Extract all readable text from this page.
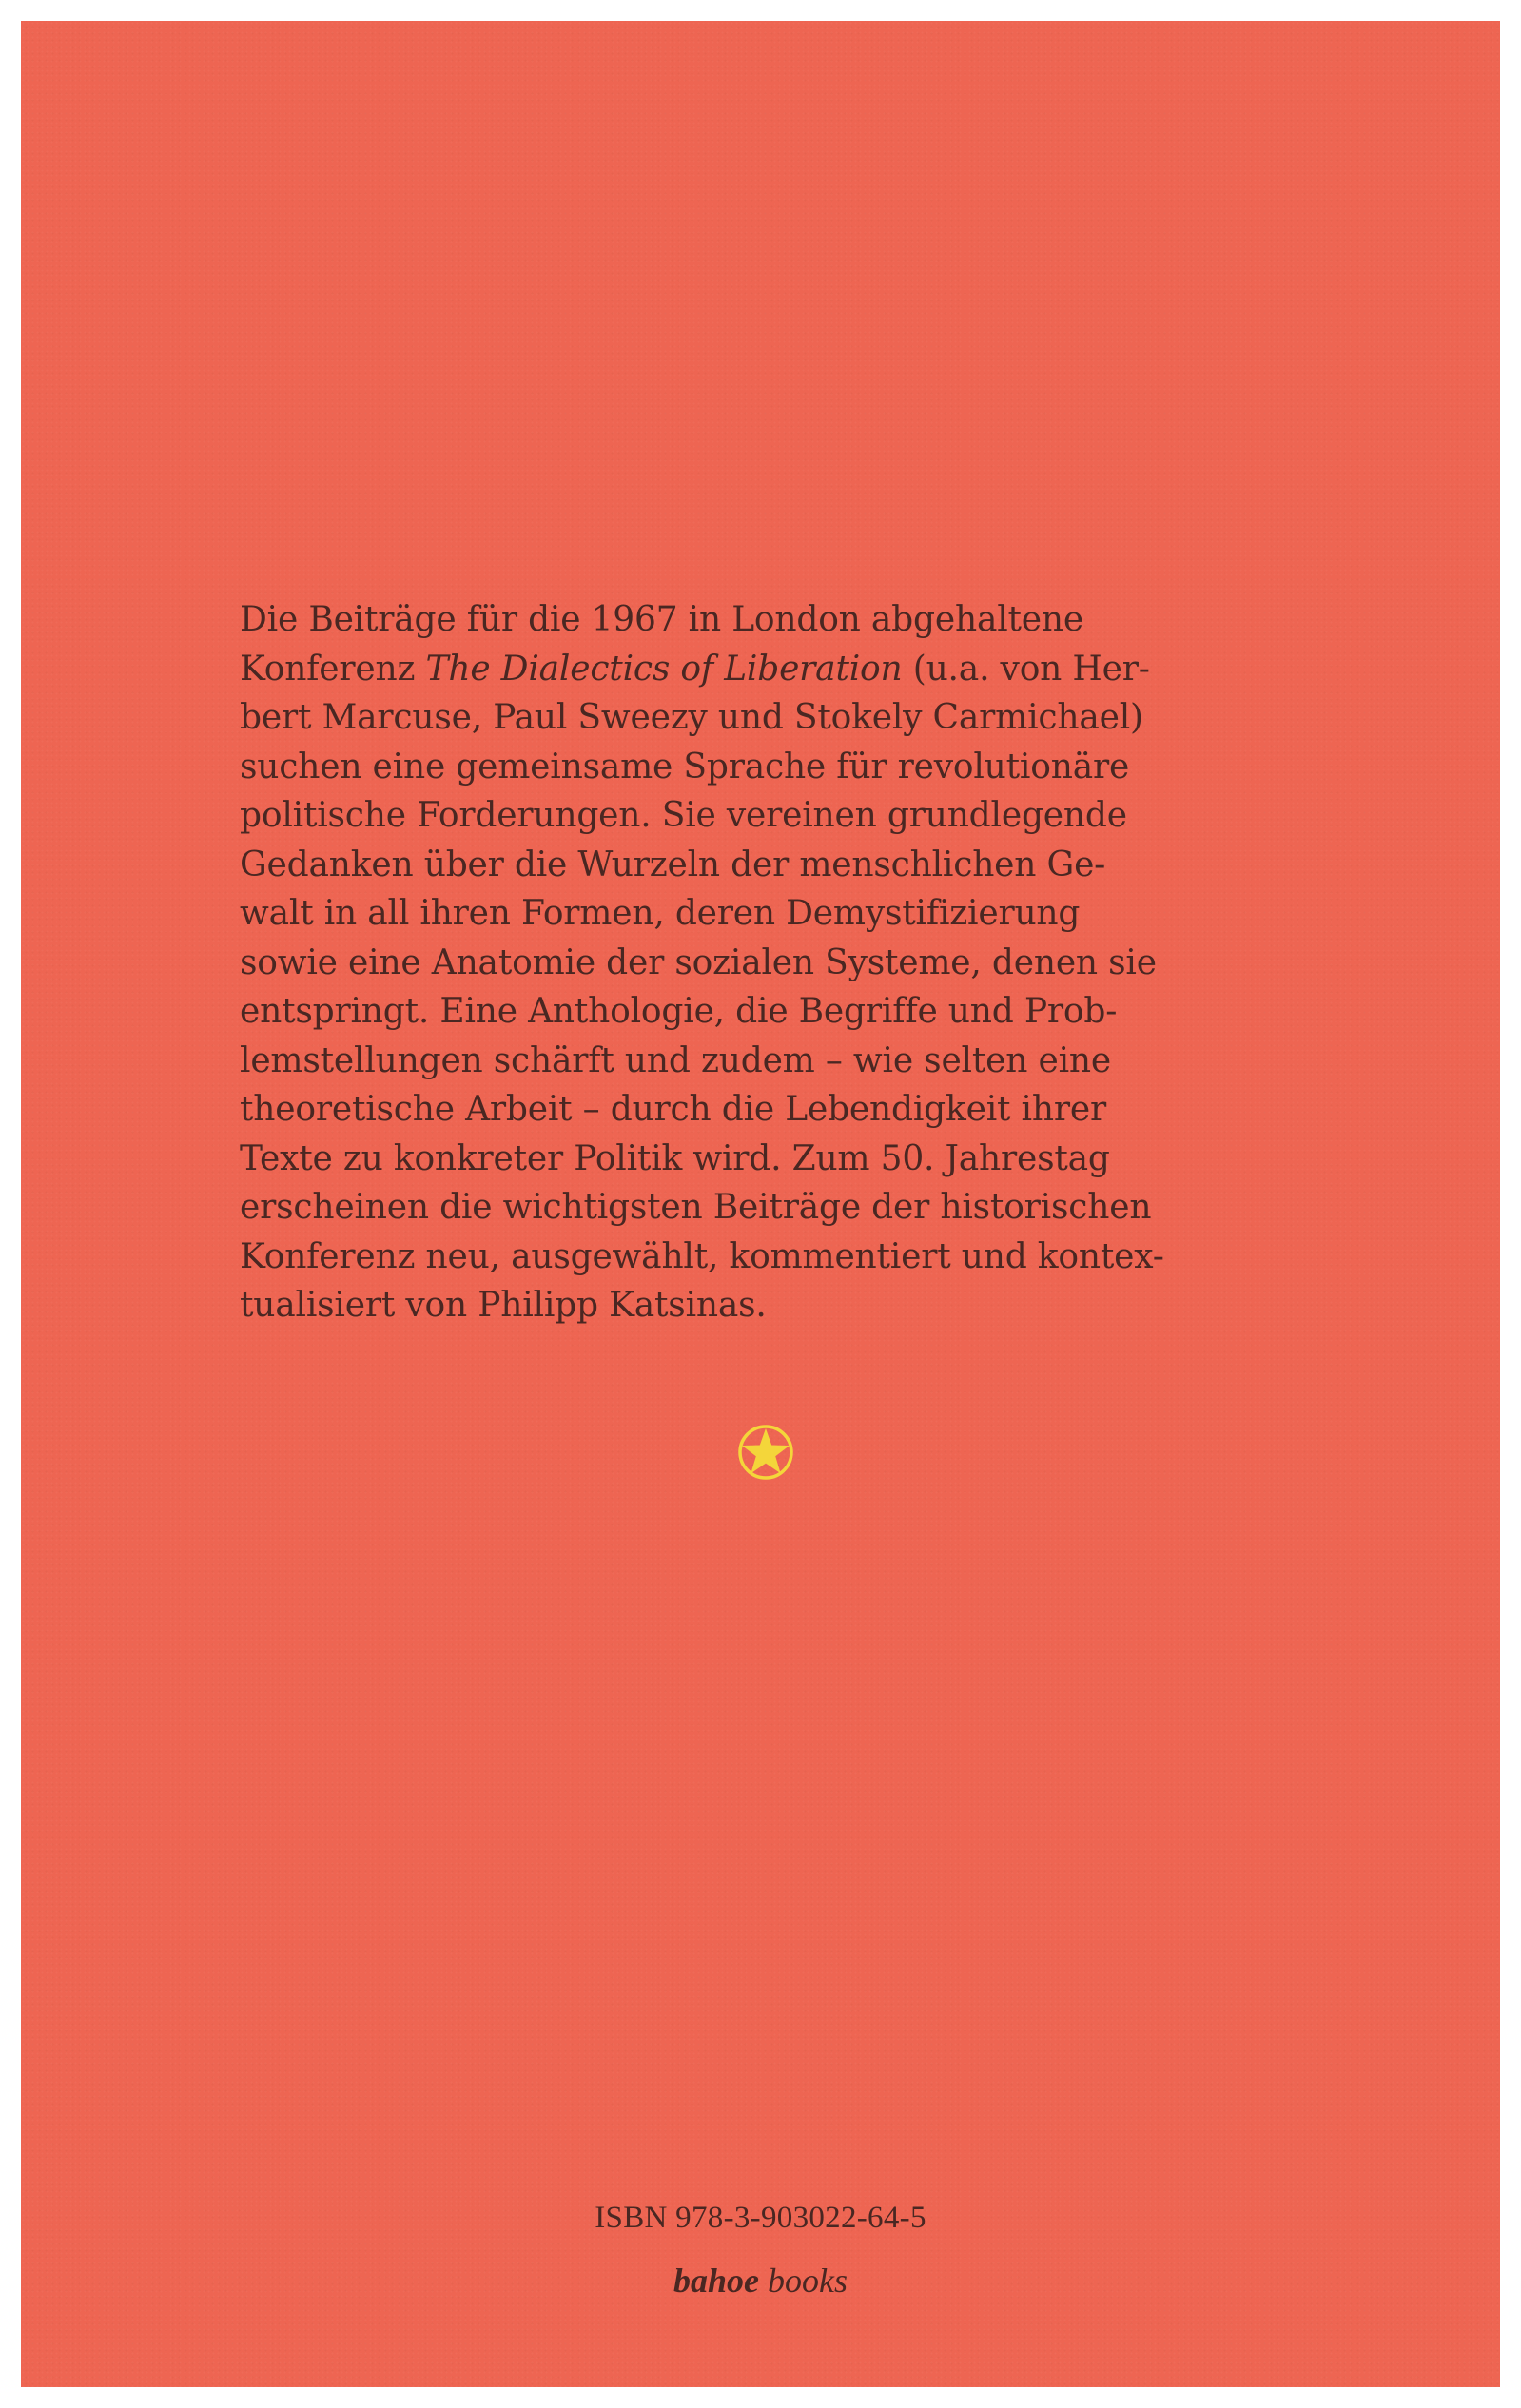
Die Beiträge für die 1967 in London abgehaltene
Konferenz The Dialectics of Liberation (u.a. von Her-
bert Marcuse, Paul Sweezy und Stokely Carmichael)
suchen eine gemeinsame Sprache für revolutionäre
politische Forderungen. Sie vereinen grundlegende
Gedanken über die Wurzeln der menschlichen Ge-
walt in all ihren Formen, deren Demystifizierung
sowie eine Anatomie der sozialen Systeme, denen sie
entspringt. Eine Anthologie, die Begriffe und Prob-
lemstellungen schärft und zudem – wie selten eine
theoretische Arbeit – durch die Lebendigkeit ihrer
Texte zu konkreter Politik wird. Zum 50. Jahrestag
erscheinen die wichtigsten Beiträge der historischen
Konferenz neu, ausgewählt, kommentiert und kontex-
tualisiert von Philipp Katsinas.

ISBN 978-3-903022-64-5
bahoe books
